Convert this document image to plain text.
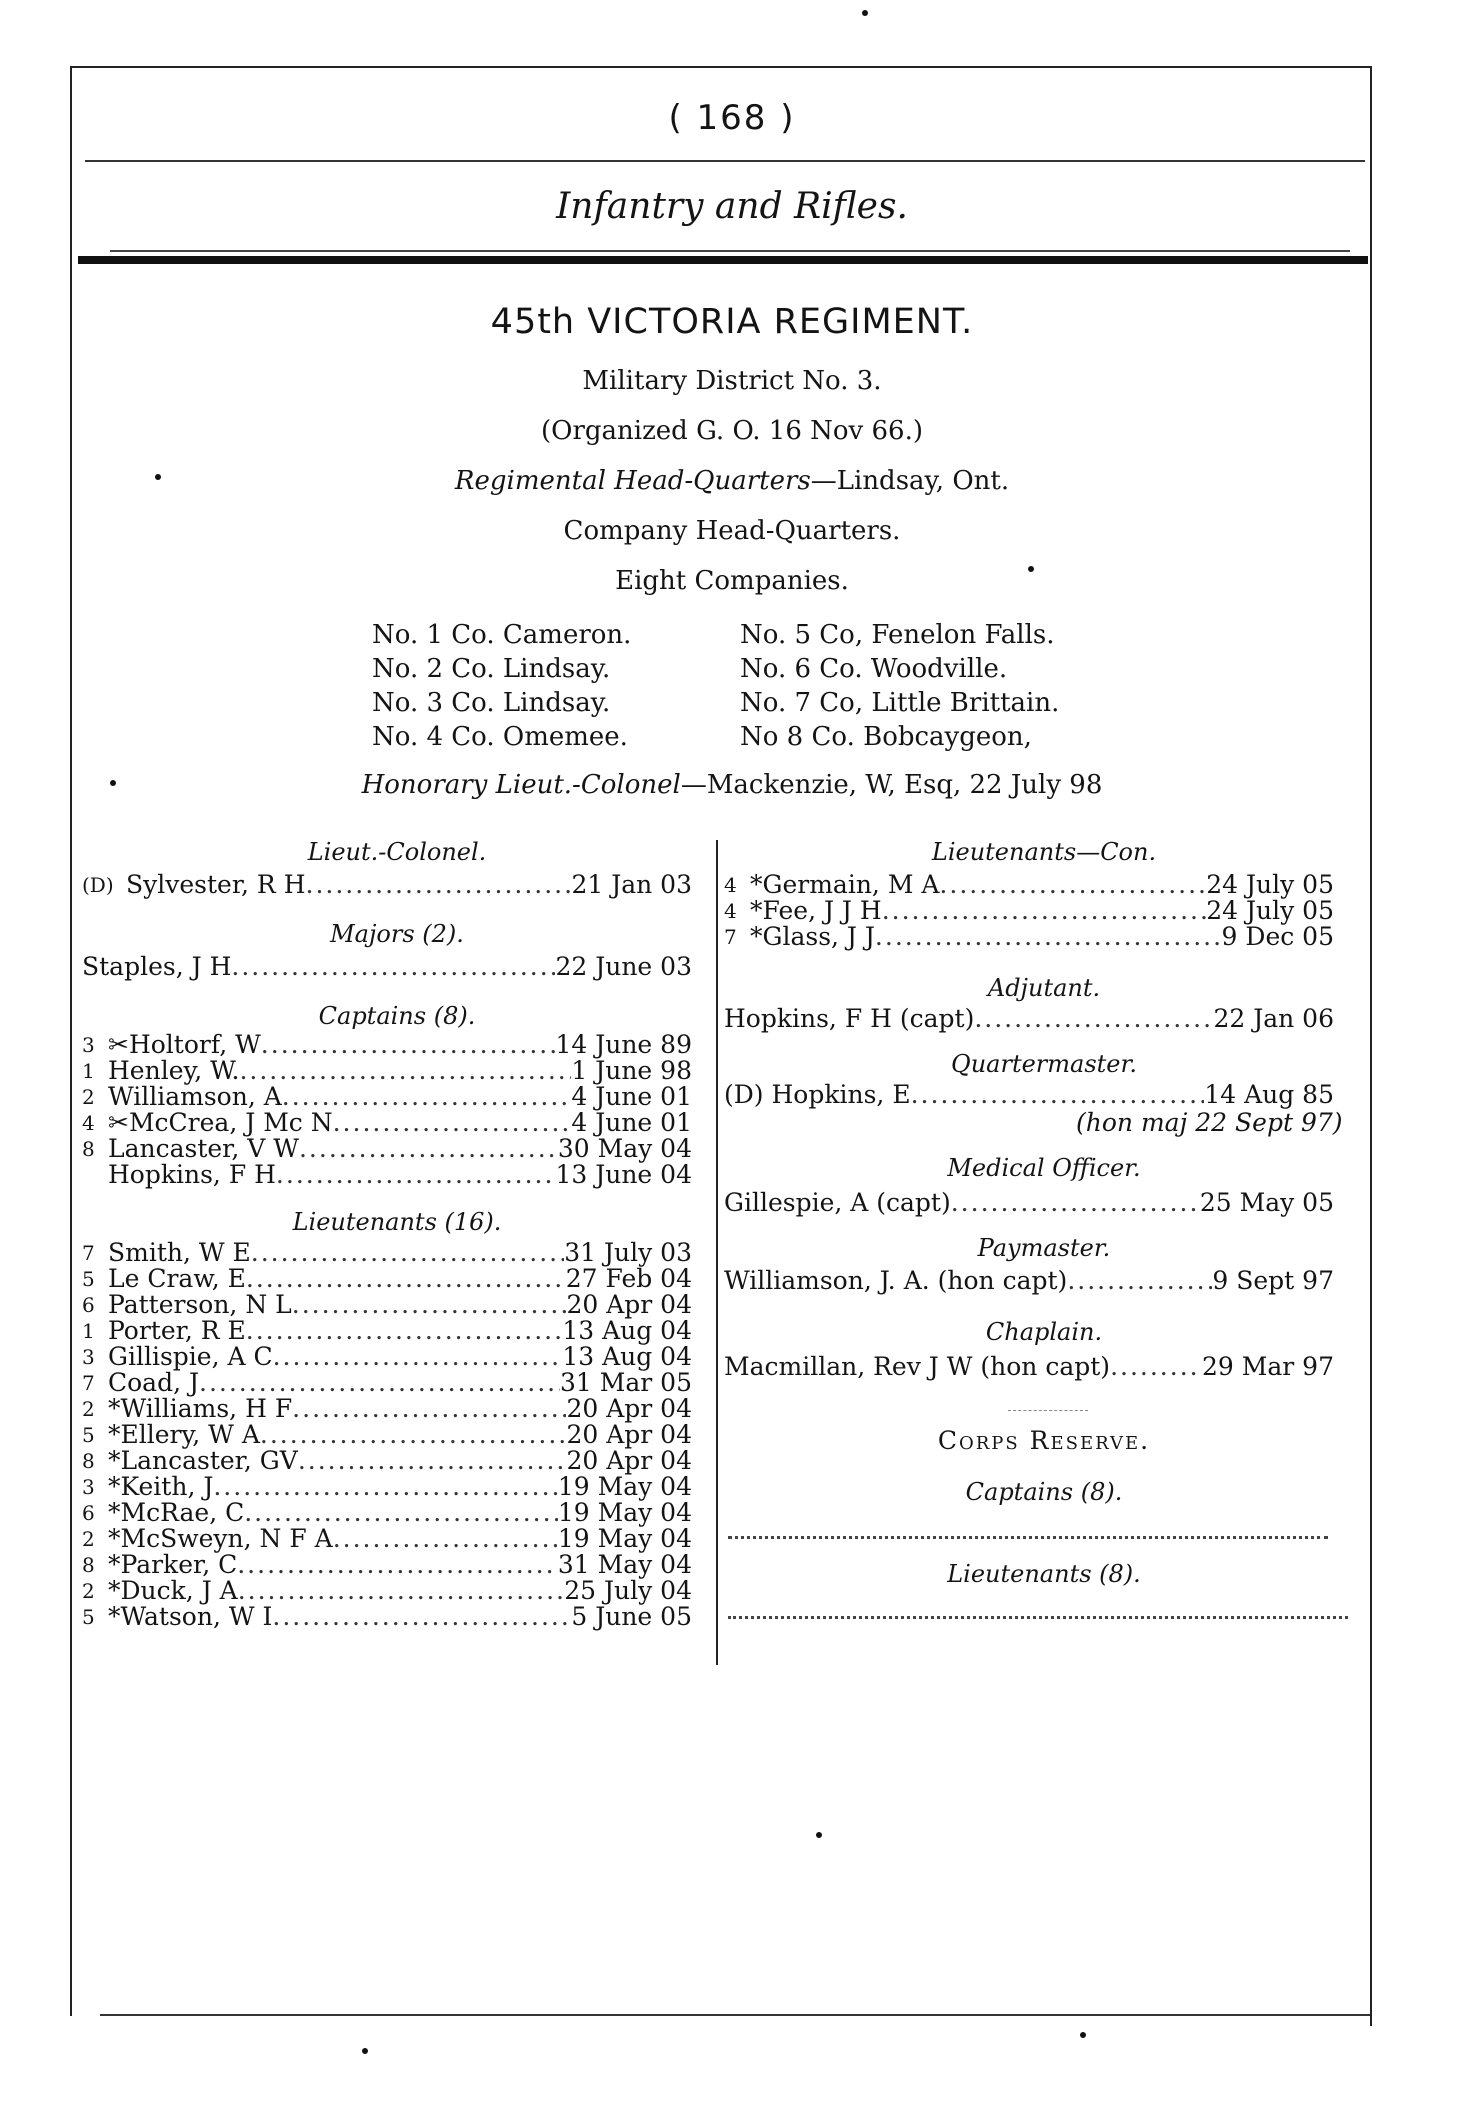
( 168 )
Infantry and Rifles.
45th VICTORIA REGIMENT.
Military District No. 3.
(Organized G. O. 16 Nov 66.)
Regimental Head-Quarters—Lindsay, Ont.
Company Head-Quarters.
Eight Companies.
No. 1 Co. Cameron.
No. 2 Co. Lindsay.
No. 3 Co. Lindsay.
No. 4 Co. Omemee.
No. 5 Co, Fenelon Falls.
No. 6 Co. Woodville.
No. 7 Co, Little Brittain.
No 8 Co. Bobcaygeon,
Honorary Lieut.-Colonel—Mackenzie, W, Esq, 22 July 98
Lieut.-Colonel.
(D) Sylvester, R H .....	21 Jan 03
Majors (2).
Staples, J H .....	22 June 03
Captains (8).
3 ✂Holtorf, W .....	14 June 89
1 Henley, W. .....	1 June 98
2 Williamson, A .....	4 June 01
4 ✂McCrea, J Mc N .....	4 June 01
8 Lancaster, V W .....	30 May 04
Hopkins, F H .....	13 June 04
Lieutenants (16).
7 Smith, W E .....	31 July 03
5 Le Craw, E .....	27 Feb 04
6 Patterson, N L .....	20 Apr 04
1 Porter, R E .....	13 Aug 04
3 Gillispie, A C .....	13 Aug 04
7 Coad, J .....	31 Mar 05
2 *Williams, H F .....	20 Apr 04
5 *Ellery, W A .....	20 Apr 04
8 *Lancaster, GV .....	20 Apr 04
3 *Keith, J .....	19 May 04
6 *McRae, C .....	19 May 04
2 *McSweyn, N F A .....	19 May 04
8 *Parker, C .....	31 May 04
2 *Duck, J A .....	25 July 04
5 *Watson, W I .....	5 June 05
Lieutenants—Con.
4 *Germain, M A .....	24 July 05
4 *Fee, J J H .....	24 July 05
7 *Glass, J J .....	9 Dec 05
Adjutant.
Hopkins, F H (capt) .....	22 Jan 06
Quartermaster.
(D) Hopkins, E .....	14 Aug 85
(hon maj 22 Sept 97)
Medical Officer.
Gillespie, A (capt) .....	25 May 05
Paymaster.
Williamson, J. A. (hon capt) .....	9 Sept 97
Chaplain.
Macmillan, Rev J W (hon capt) .....	29 Mar 97
Corps Reserve.
Captains (8).
Lieutenants (8).
